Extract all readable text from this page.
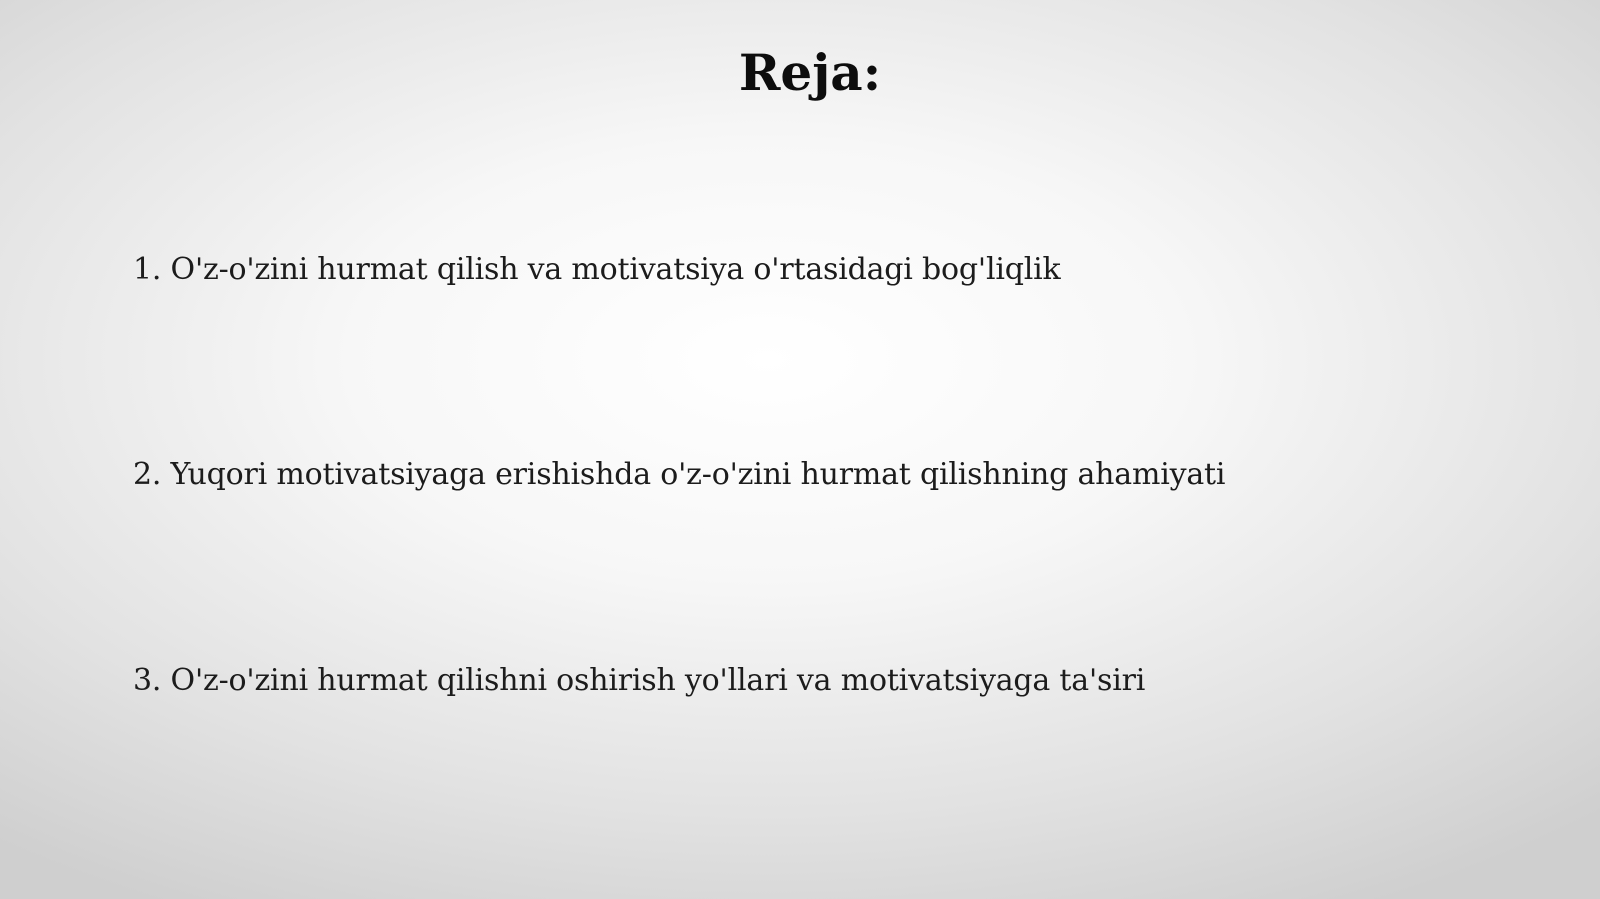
Reja:
1. O'z-o'zini hurmat qilish va motivatsiya o'rtasidagi bog'liqlik
2. Yuqori motivatsiyaga erishishda o'z-o'zini hurmat qilishning ahamiyati
3. O'z-o'zini hurmat qilishni oshirish yo'llari va motivatsiyaga ta'siri
